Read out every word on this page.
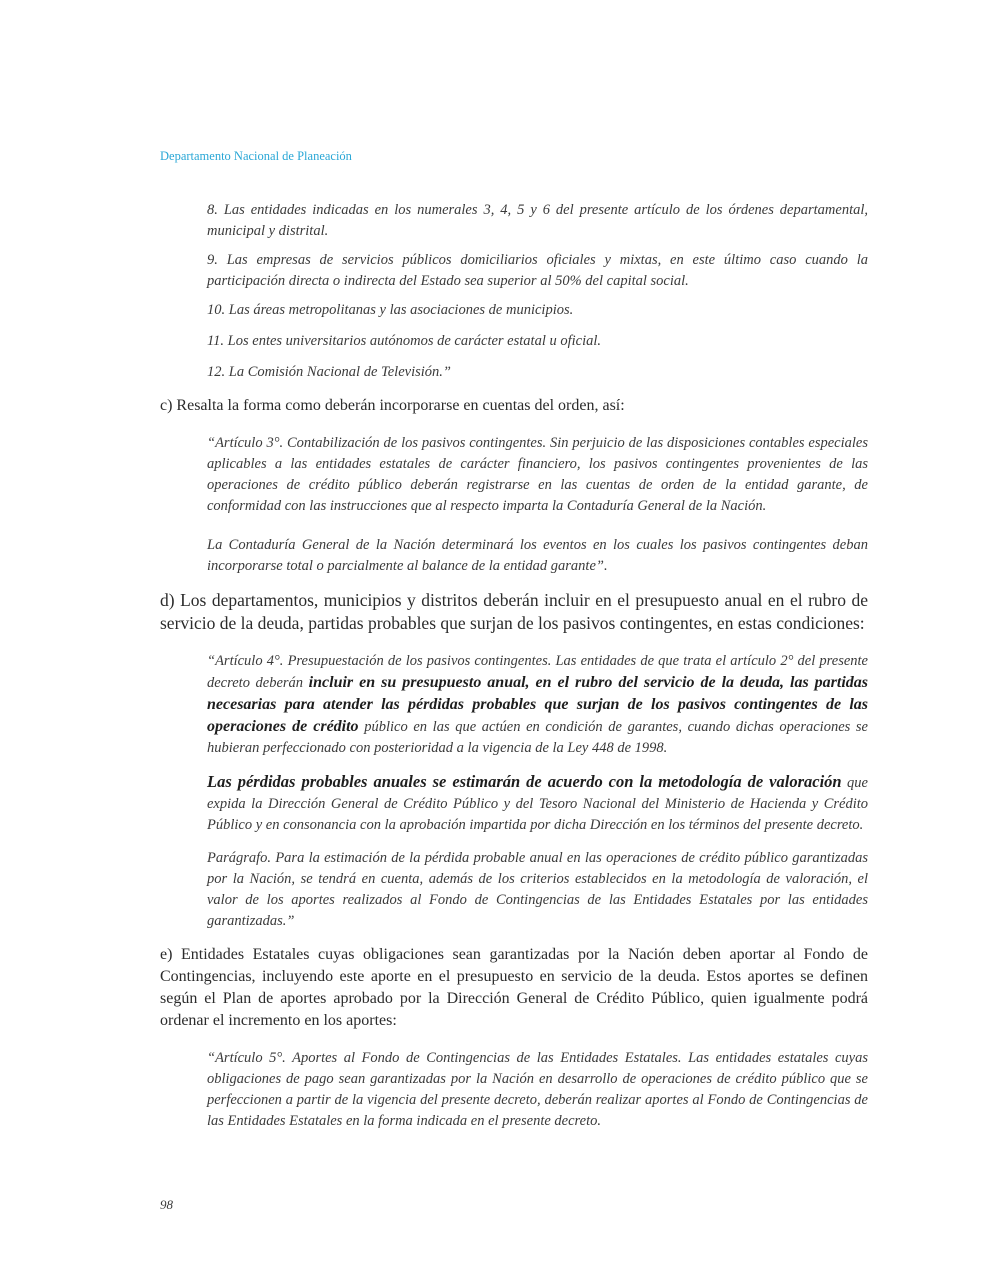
Departamento Nacional de Planeación
8. Las entidades indicadas en los numerales 3, 4, 5 y 6 del presente artículo de los órdenes departamental, municipal y distrital.
9. Las empresas de servicios públicos domiciliarios oficiales y mixtas, en este último caso cuando la participación directa o indirecta del Estado sea superior al 50% del capital social.
10. Las áreas metropolitanas y las asociaciones de municipios.
11. Los entes universitarios autónomos de carácter estatal u oficial.
12. La Comisión Nacional de Televisión.”
c) Resalta la forma como deberán incorporarse en cuentas del orden, así:
“Artículo 3°. Contabilización de los pasivos contingentes. Sin perjuicio de las disposiciones contables especiales aplicables a las entidades estatales de carácter financiero, los pasivos contingentes provenientes de las operaciones de crédito público deberán registrarse en las cuentas de orden de la entidad garante, de conformidad con las instrucciones que al respecto imparta la Contaduría General de la Nación.
La Contaduría General de la Nación determinará los eventos en los cuales los pasivos contingentes deban incorporarse total o parcialmente al balance de la entidad garante”.
d) Los departamentos, municipios y distritos deberán incluir en el presupuesto anual en el rubro de servicio de la deuda, partidas probables que surjan de los pasivos contingentes, en estas condiciones:
“Artículo 4°. Presupuestación de los pasivos contingentes. Las entidades de que trata el artículo 2° del presente decreto deberán incluir en su presupuesto anual, en el rubro del servicio de la deuda, las partidas necesarias para atender las pérdidas probables que surjan de los pasivos contingentes de las operaciones de crédito público en las que actúen en condición de garantes, cuando dichas operaciones se hubieran perfeccionado con posterioridad a la vigencia de la Ley 448 de 1998.
Las pérdidas probables anuales se estimarán de acuerdo con la metodología de valoración que expida la Dirección General de Crédito Público y del Tesoro Nacional del Ministerio de Hacienda y Crédito Público y en consonancia con la aprobación impartida por dicha Dirección en los términos del presente decreto.
Parágrafo. Para la estimación de la pérdida probable anual en las operaciones de crédito público garantizadas por la Nación, se tendrá en cuenta, además de los criterios establecidos en la metodología de valoración, el valor de los aportes realizados al Fondo de Contingencias de las Entidades Estatales por las entidades garantizadas.”
e) Entidades Estatales cuyas obligaciones sean garantizadas por la Nación deben aportar al Fondo de Contingencias, incluyendo este aporte en el presupuesto en servicio de la deuda. Estos aportes se definen según el Plan de aportes aprobado por la Dirección General de Crédito Público, quien igualmente podrá ordenar el incremento en los aportes:
“Artículo 5°. Aportes al Fondo de Contingencias de las Entidades Estatales. Las entidades estatales cuyas obligaciones de pago sean garantizadas por la Nación en desarrollo de operaciones de crédito público que se perfeccionen a partir de la vigencia del presente decreto, deberán realizar aportes al Fondo de Contingencias de las Entidades Estatales en la forma indicada en el presente decreto.
98
